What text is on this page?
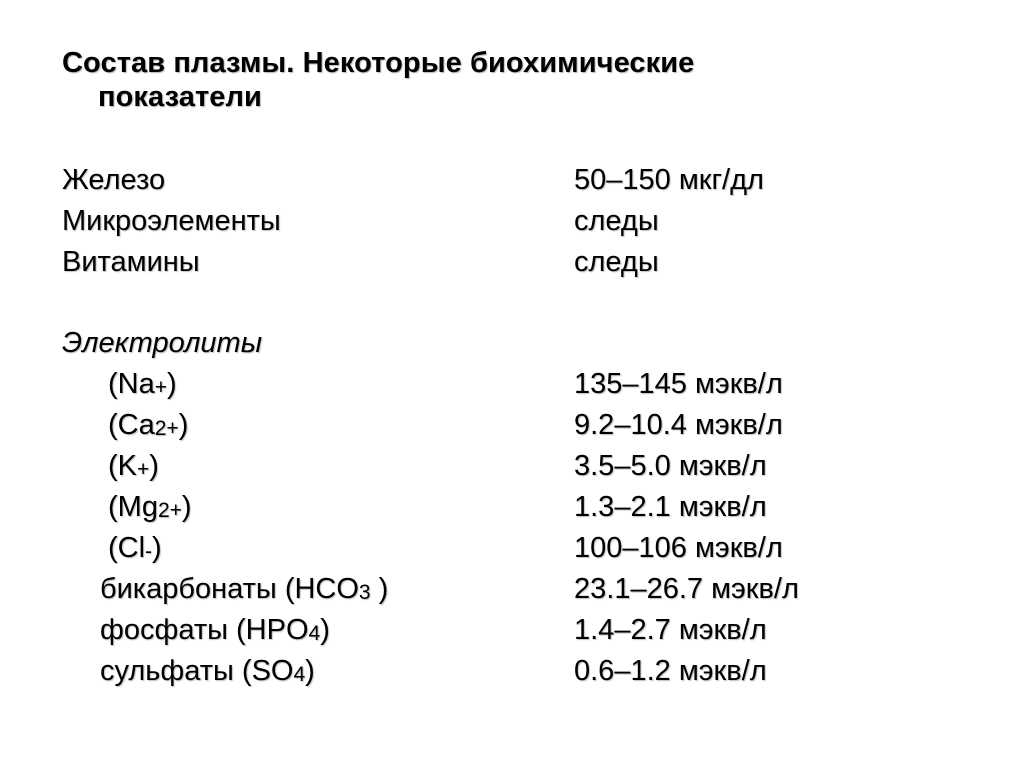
Состав плазмы. Некоторые биохимические
показатели
Железо	50–150 мкг/дл
Микроэлементы	следы
Витамины	следы
Электролиты
(Na+)	135–145 мэкв/л
(Ca2+)	9.2–10.4 мэкв/л
(K+)	3.5–5.0 мэкв/л
(Mg2+)	1.3–2.1 мэкв/л
(Cl-)	100–106 мэкв/л
бикарбонаты (HCO3 )	23.1–26.7 мэкв/л
фосфаты (HPO4)	1.4–2.7 мэкв/л
сульфаты (SO4)	0.6–1.2 мэкв/л
